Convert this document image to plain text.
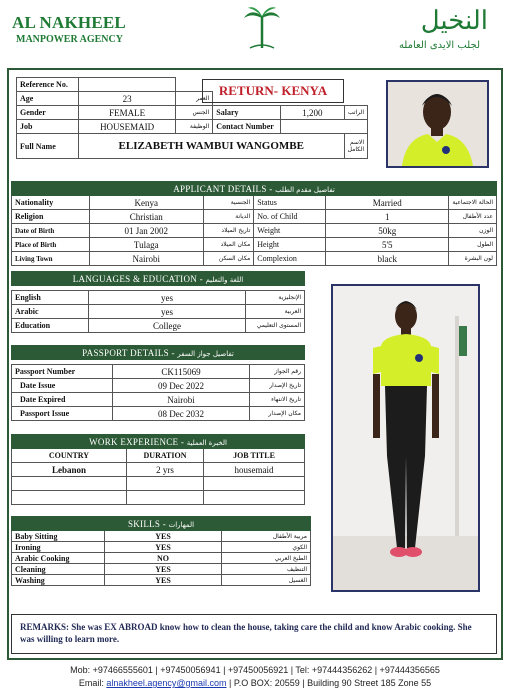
AL NAKHEEL
MANPOWER AGENCY
النخيل
لجلب الايدى العامله
Reference No.					
Age	23	العمر			
Gender	FEMALE	الجنس	Salary	1,200	الراتب
Job	HOUSEMAID	الوظيفة	Contact Number		
Full Name	ELIZABETH WAMBUI WANGOMBE				الاسم الكامل
RETURN- KENYA
APPLICANT DETAILS - تفاصيل مقدم الطلب					
Nationality	Kenya	الجنسية	Status	Married	الحالة الاجتماعية
Religion	Christian	الديانة	No. of Child	1	عدد الأطفال
Date of Birth	01 Jan 2002	تاريخ الميلاد	Weight	50kg	الوزن
Place of Birth	Tulaga	مكان الميلاد	Height	5'5	الطول
Living Town	Nairobi	مكان السكن	Complexion	black	لون البشرة
LANGUAGES & EDUCATION - اللغة والتعليم		

English	yes	الإنجليزية
Arabic	yes	العربية
Education	College	المستوى التعليمي
PASSPORT DETAILS - تفاصيل جواز السفر		

Passport Number	CK115069	رقم الجواز
Date Issue	09 Dec 2022	تاريخ الإصدار
Date Expired	Nairobi	تاريخ الانتهاء
Passport Issue	08 Dec 2032	مكان الإصدار
WORK EXPERIENCE - الخبرة العملية		
COUNTRY	DURATION	JOB TITLE
Lebanon	2 yrs	housemaid

SKILLS - المهارات		
Baby Sitting	YES	مربية الأطفال
Ironing	YES	الكوي
Arabic Cooking	NO	الطبخ العربي
Cleaning	YES	التنظيف
Washing	YES	الغسيل
REMARKS: She was EX ABROAD know how to clean the house, taking care the child and know Arabic cooking. She was willing to learn more.
Mob: +97466555601 | +97450056941 | +97450056921 | Tel: +97444356262 | +97444356565
Email: alnakheel.agency@gmail.com | P.O BOX: 20559 | Building 90 Street 185 Zone 55
